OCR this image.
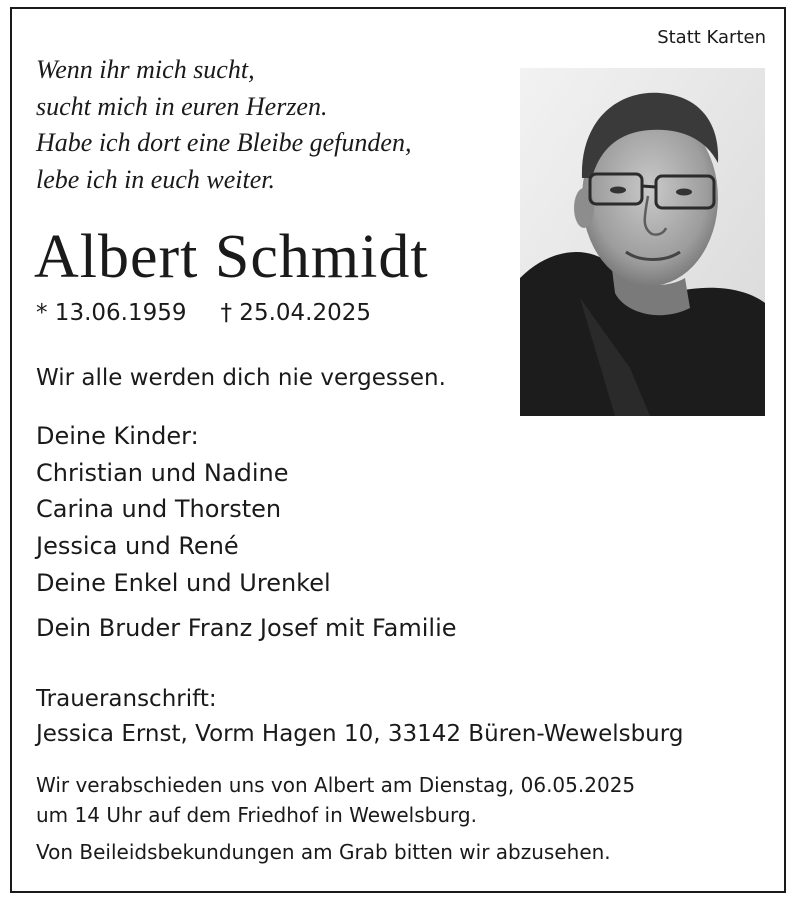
Statt Karten
Wenn ihr mich sucht,
sucht mich in euren Herzen.
Habe ich dort eine Bleibe gefunden,
lebe ich in euch weiter.
Albert Schmidt
* 13.06.1959 † 25.04.2025
Wir alle werden dich nie vergessen.
Deine Kinder:
Christian und Nadine
Carina und Thorsten
Jessica und René
Deine Enkel und Urenkel
Dein Bruder Franz Josef mit Familie
Traueranschrift:
Jessica Ernst, Vorm Hagen 10, 33142 Büren-Wewelsburg
Wir verabschieden uns von Albert am Dienstag, 06.05.2025
um 14 Uhr auf dem Friedhof in Wewelsburg.
Von Beileidsbekundungen am Grab bitten wir abzusehen.
